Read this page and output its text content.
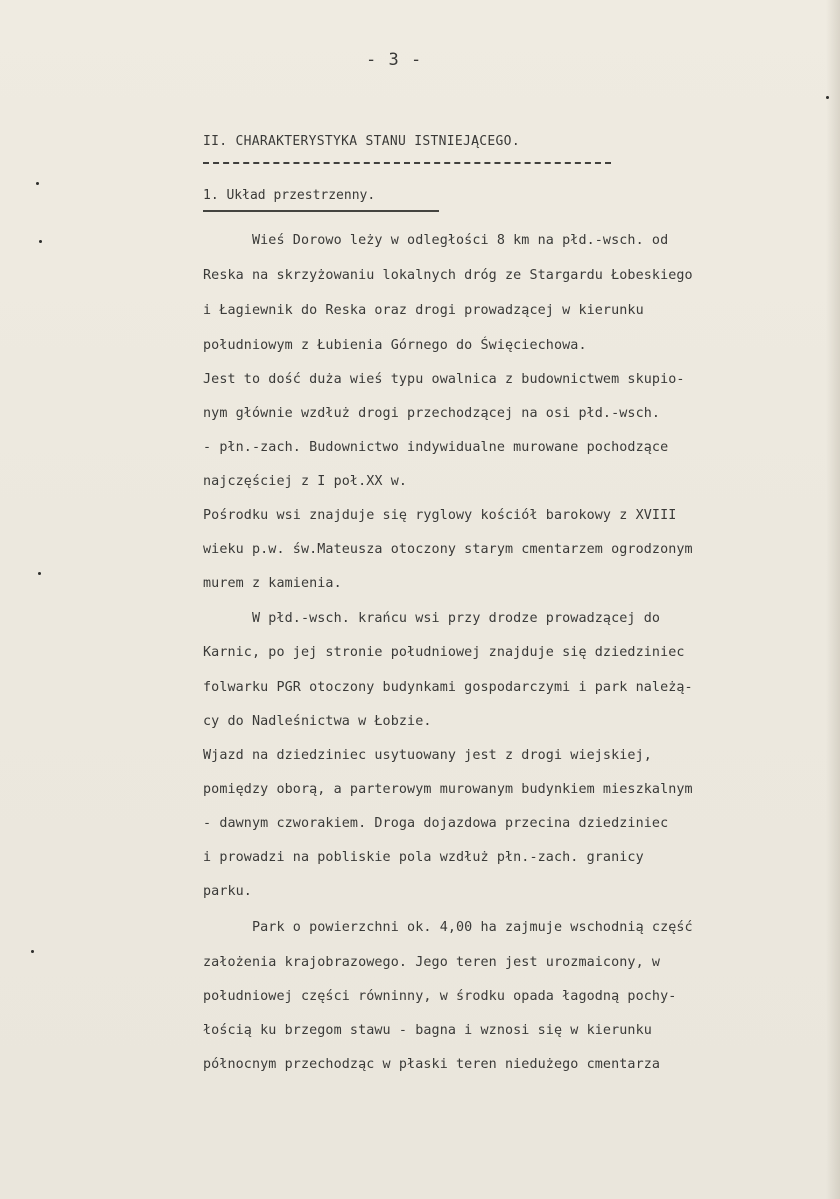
- 3 -
II. CHARAKTERYSTYKA STANU ISTNIEJĄCEGO.
1. Układ przestrzenny.
Wieś Dorowo leży w odległości 8 km na płd.-wsch. od
Reska na skrzyżowaniu lokalnych dróg ze Stargardu Łobeskiego
i Łagiewnik do Reska oraz drogi prowadzącej w kierunku
południowym z Łubienia Górnego do Święciechowa.
Jest to dość duża wieś typu owalnica z budownictwem skupio-
nym głównie wzdłuż drogi przechodzącej na osi płd.-wsch.
- płn.-zach. Budownictwo indywidualne murowane pochodzące
najczęściej z I poł.XX w.
Pośrodku wsi znajduje się ryglowy kościół barokowy z XVIII
wieku p.w. św.Mateusza otoczony starym cmentarzem ogrodzonym
murem z kamienia.
W płd.-wsch. krańcu wsi przy drodze prowadzącej do
Karnic, po jej stronie południowej znajduje się dziedziniec
folwarku PGR otoczony budynkami gospodarczymi i park należą-
cy do Nadleśnictwa w Łobzie.
Wjazd na dziedziniec usytuowany jest z drogi wiejskiej,
pomiędzy oborą, a parterowym murowanym budynkiem mieszkalnym
- dawnym czworakiem. Droga dojazdowa przecina dziedziniec
i prowadzi na pobliskie pola wzdłuż płn.-zach. granicy
parku.
Park o powierzchni ok. 4,00 ha zajmuje wschodnią część
założenia krajobrazowego. Jego teren jest urozmaicony, w
południowej części równinny, w środku opada łagodną pochy-
łością ku brzegom stawu - bagna i wznosi się w kierunku
północnym przechodząc w płaski teren niedużego cmentarza
